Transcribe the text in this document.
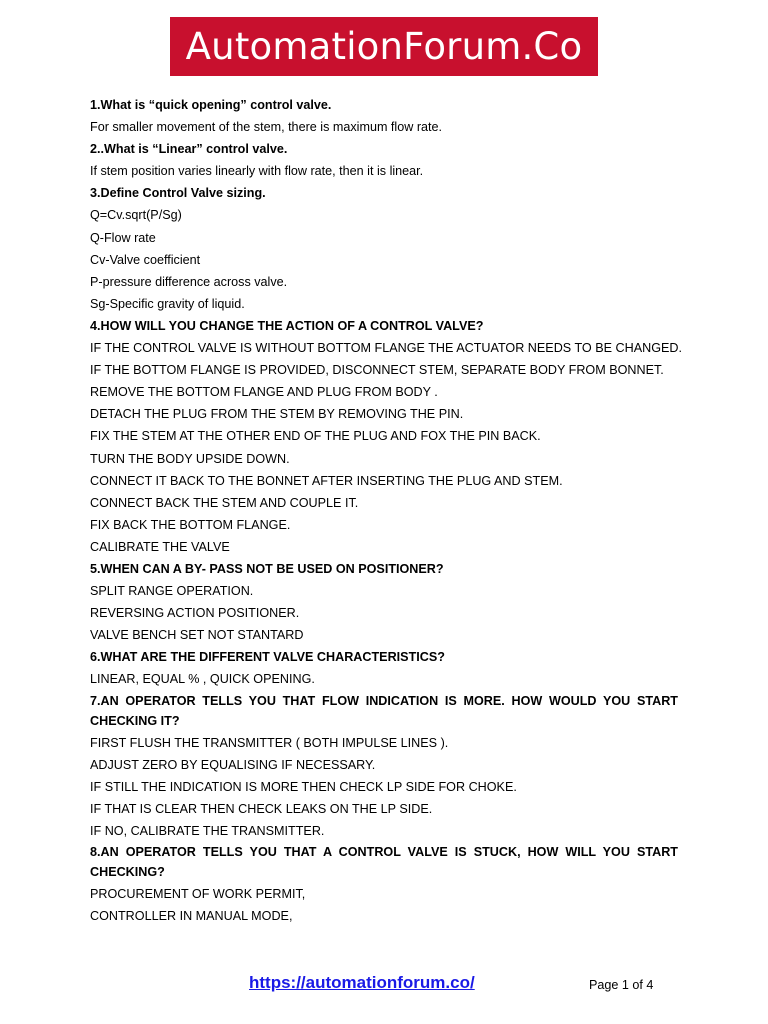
AutomationForum.Co
1.What is “quick opening” control valve.
For smaller movement of the stem, there is maximum flow rate.
2..What is “Linear” control valve.
If stem position varies linearly with flow rate, then it is linear.
3.Define Control Valve sizing.
Q=Cv.sqrt(P/Sg)
Q-Flow rate
Cv-Valve coefficient
P-pressure difference across valve.
Sg-Specific gravity of liquid.
4.HOW WILL YOU CHANGE THE ACTION OF A CONTROL VALVE?
IF THE CONTROL VALVE IS WITHOUT BOTTOM FLANGE THE ACTUATOR NEEDS TO BE CHANGED.
IF THE BOTTOM FLANGE IS PROVIDED, DISCONNECT STEM, SEPARATE BODY FROM BONNET.
REMOVE THE BOTTOM FLANGE AND PLUG FROM BODY .
DETACH THE PLUG FROM THE STEM BY REMOVING THE PIN.
FIX THE STEM AT THE OTHER END OF THE PLUG AND FOX THE PIN BACK.
TURN THE BODY UPSIDE DOWN.
CONNECT IT BACK TO THE BONNET AFTER INSERTING THE PLUG AND STEM.
CONNECT BACK THE STEM AND COUPLE IT.
FIX BACK THE BOTTOM FLANGE.
CALIBRATE THE VALVE
5.WHEN CAN A BY- PASS NOT BE USED ON POSITIONER?
SPLIT RANGE OPERATION.
REVERSING ACTION POSITIONER.
VALVE BENCH SET NOT STANTARD
6.WHAT ARE THE DIFFERENT VALVE CHARACTERISTICS?
LINEAR, EQUAL % , QUICK OPENING.
7.AN OPERATOR TELLS YOU THAT FLOW INDICATION IS MORE. HOW WOULD YOU START CHECKING IT?
FIRST FLUSH THE TRANSMITTER ( BOTH IMPULSE LINES ).
ADJUST ZERO BY EQUALISING IF NECESSARY.
IF STILL THE INDICATION IS MORE THEN CHECK LP SIDE FOR CHOKE.
IF THAT IS CLEAR THEN CHECK LEAKS ON THE LP SIDE.
IF NO, CALIBRATE THE TRANSMITTER.
8.AN OPERATOR TELLS YOU THAT A CONTROL VALVE IS STUCK, HOW WILL YOU START CHECKING?
PROCUREMENT OF WORK PERMIT,
CONTROLLER IN MANUAL MODE,
https://automationforum.co/	Page 1 of 4
